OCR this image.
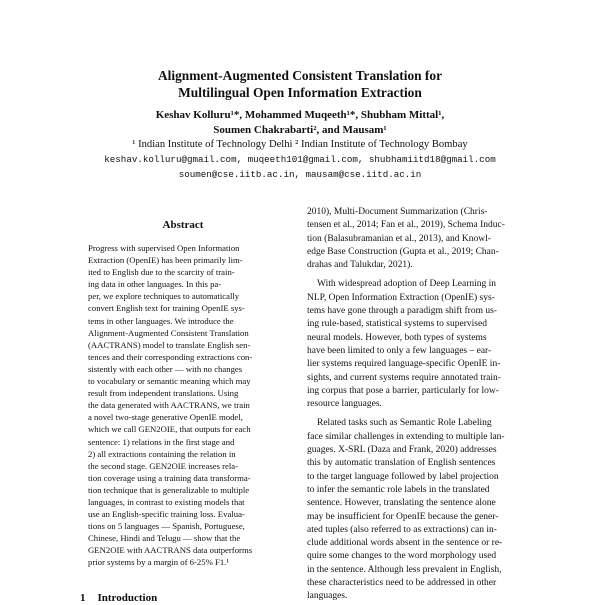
Alignment-Augmented Consistent Translation for
Multilingual Open Information Extraction
Keshav Kolluru¹*, Mohammed Muqeeth¹*, Shubham Mittal¹,
Soumen Chakrabarti², and Mausam¹
¹ Indian Institute of Technology Delhi ² Indian Institute of Technology Bombay
keshav.kolluru@gmail.com, muqeeth101@gmail.com, shubhamiitd18@gmail.com
soumen@cse.iitb.ac.in, mausam@cse.iitd.ac.in
Abstract
Progress with supervised Open Information
Extraction (OpenIE) has been primarily lim-
ited to English due to the scarcity of train-
ing data in other languages. In this pa-
per, we explore techniques to automatically
convert English text for training OpenIE sys-
tems in other languages. We introduce the
Alignment-Augmented Consistent Translation
(AACTRANS) model to translate English sen-
tences and their corresponding extractions con-
sistently with each other — with no changes
to vocabulary or semantic meaning which may
result from independent translations. Using
the data generated with AACTRANS, we train
a novel two-stage generative OpenIE model,
which we call GEN2OIE, that outputs for each
sentence: 1) relations in the first stage and
2) all extractions containing the relation in
the second stage. GEN2OIE increases rela-
tion coverage using a training data transforma-
tion technique that is generalizable to multiple
languages, in contrast to existing models that
use an English-specific training loss. Evalua-
tions on 5 languages — Spanish, Portuguese,
Chinese, Hindi and Telugu — show that the
GEN2OIE with AACTRANS data outperforms
prior systems by a margin of 6-25% F1.¹
2010), Multi-Document Summarization (Chris-
tensen et al., 2014; Fan et al., 2019), Schema Induc-
tion (Balasubramanian et al., 2013), and Knowl-
edge Base Construction (Gupta et al., 2019; Chan-
drahas and Talukdar, 2021).
With widespread adoption of Deep Learning in
NLP, Open Information Extraction (OpenIE) sys-
tems have gone through a paradigm shift from us-
ing rule-based, statistical systems to supervised
neural models. However, both types of systems
have been limited to only a few languages – ear-
lier systems required language-specific OpenIE in-
sights, and current systems require annotated train-
ing corpus that pose a barrier, particularly for low-
resource languages.
Related tasks such as Semantic Role Labeling
face similar challenges in extending to multiple lan-
guages. X-SRL (Daza and Frank, 2020) addresses
this by automatic translation of English sentences
to the target language followed by label projection
to infer the semantic role labels in the translated
sentence. However, translating the sentence alone
may be insufficient for OpenIE because the gener-
ated tuples (also referred to as extractions) can in-
clude additional words absent in the sentence or re-
quire some changes to the word morphology used
in the sentence. Although less prevalent in English,
these characteristics need to be addressed in other
languages.
1 Introduction
